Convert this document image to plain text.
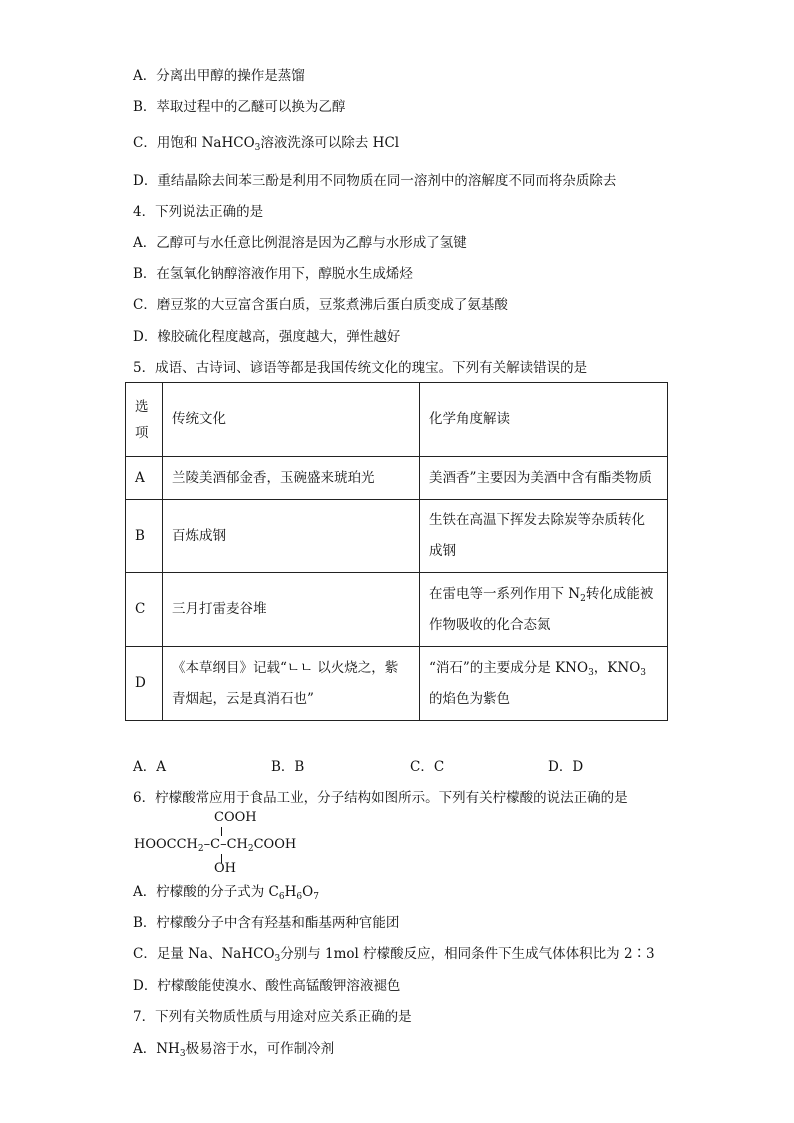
A．分离出甲醇的操作是蒸馏
B．萃取过程中的乙醚可以换为乙醇
C．用饱和 NaHCO$_3$溶液洗涤可以除去 HCl
D．重结晶除去间苯三酚是利用不同物质在同一溶剂中的溶解度不同而将杂质除去
4．下列说法正确的是
A．乙醇可与水任意比例混溶是因为乙醇与水形成了氢键
B．在氢氧化钠醇溶液作用下，醇脱水生成烯烃
C．磨豆浆的大豆富含蛋白质，豆浆煮沸后蛋白质变成了氨基酸
D．橡胶硫化程度越高，强度越大，弹性越好
5．成语、古诗词、谚语等都是我国传统文化的瑰宝。下列有关解读错误的是
选项	传统文化	化学角度解读
A	兰陵美酒郁金香，玉碗盛来琥珀光	美酒香”主要因为美酒中含有酯类物质
B	百炼成钢	生铁在高温下挥发去除炭等杂质转化成钢
C	三月打雷麦谷堆	在雷电等一系列作用下 $N_2$转化成能被作物吸收的化合态氮
D	《本草纲目》记载“ㄴㄴ 以火烧之，紫青烟起，云是真消石也”	“消石”的主要成分是 $KNO_3$，$KNO_3$的焰色为紫色
A．A	B．B	C．C	D．D
6．柠檬酸常应用于食品工业，分子结构如图所示。下列有关柠檬酸的说法正确的是
COOH
$HOOCCH_2-C-CH_2COOH$
OH
A．柠檬酸的分子式为 $C_6H_6O_7$
B．柠檬酸分子中含有羟基和酯基两种官能团
C．足量 Na、NaHCO$_3$分别与 1mol 柠檬酸反应，相同条件下生成气体体积比为 2∶3
D．柠檬酸能使溴水、酸性高锰酸钾溶液褪色
7．下列有关物质性质与用途对应关系正确的是
A．$NH_3$极易溶于水，可作制冷剂
